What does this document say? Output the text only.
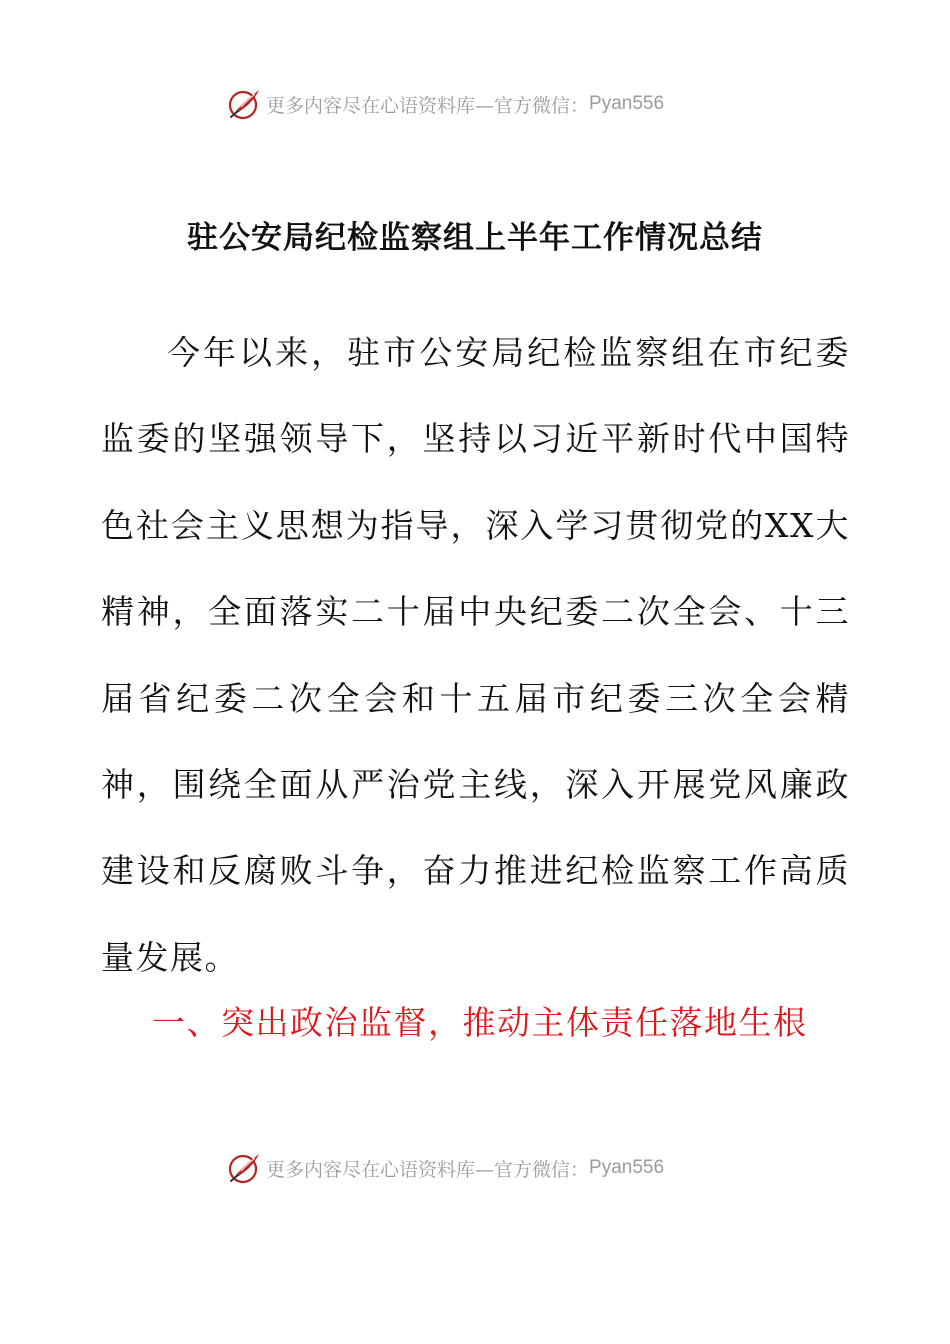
更多内容尽在心语资料库—官方微信： Pyan556
驻公安局纪检监察组上半年工作情况总结

今年以来，驻市公安局纪检监察组在市纪委监委的坚强领导下，坚持以习近平新时代中国特色社会主义思想为指导，深入学习贯彻党的XX大精神，全面落实二十届中央纪委二次全会、十三届省纪委二次全会和十五届市纪委三次全会精神，围绕全面从严治党主线，深入开展党风廉政建设和反腐败斗争，奋力推进纪检监察工作高质量发展。

一、突出政治监督，推动主体责任落地生根
更多内容尽在心语资料库—官方微信： Pyan556
